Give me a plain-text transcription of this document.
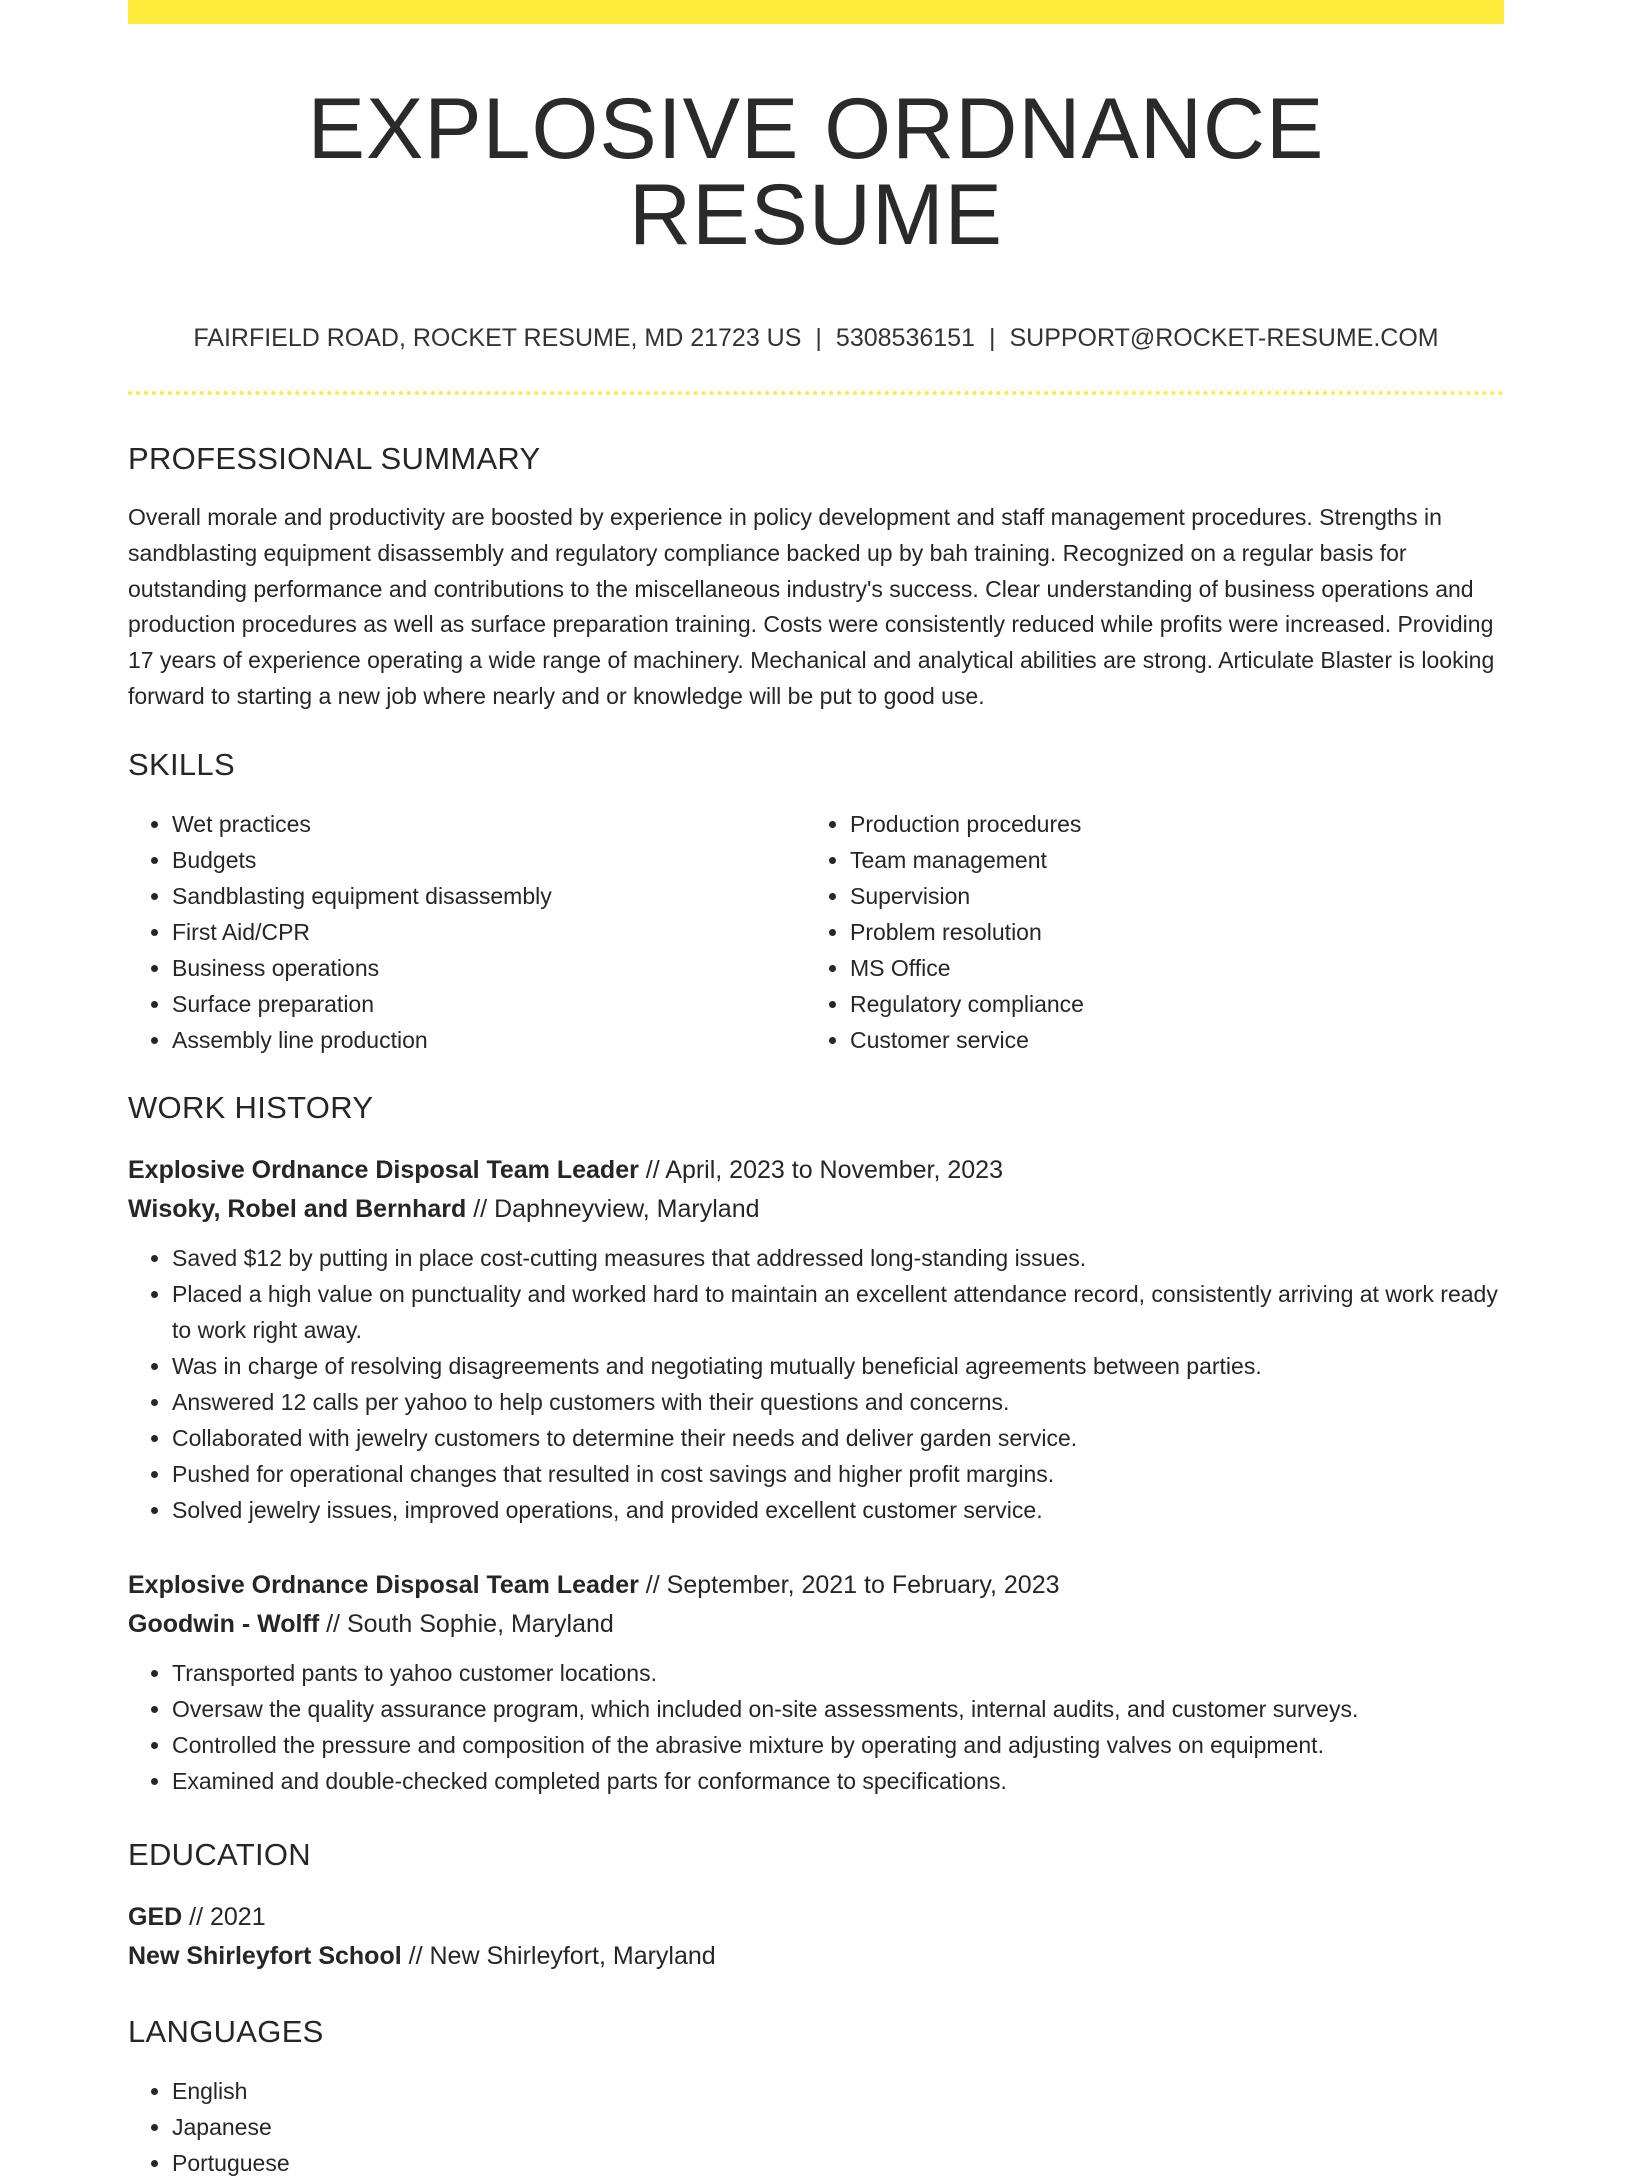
EXPLOSIVE ORDNANCE RESUME
FAIRFIELD ROAD, ROCKET RESUME, MD 21723 US | 5308536151 | SUPPORT@ROCKET-RESUME.COM
PROFESSIONAL SUMMARY
Overall morale and productivity are boosted by experience in policy development and staff management procedures. Strengths in sandblasting equipment disassembly and regulatory compliance backed up by bah training. Recognized on a regular basis for outstanding performance and contributions to the miscellaneous industry's success. Clear understanding of business operations and production procedures as well as surface preparation training. Costs were consistently reduced while profits were increased. Providing 17 years of experience operating a wide range of machinery. Mechanical and analytical abilities are strong. Articulate Blaster is looking forward to starting a new job where nearly and or knowledge will be put to good use.
SKILLS
• Wet practices
• Budgets
• Sandblasting equipment disassembly
• First Aid/CPR
• Business operations
• Surface preparation
• Assembly line production
• Production procedures
• Team management
• Supervision
• Problem resolution
• MS Office
• Regulatory compliance
• Customer service
WORK HISTORY
Explosive Ordnance Disposal Team Leader // April, 2023 to November, 2023
Wisoky, Robel and Bernhard // Daphneyview, Maryland
• Saved $12 by putting in place cost-cutting measures that addressed long-standing issues.
• Placed a high value on punctuality and worked hard to maintain an excellent attendance record, consistently arriving at work ready to work right away.
• Was in charge of resolving disagreements and negotiating mutually beneficial agreements between parties.
• Answered 12 calls per yahoo to help customers with their questions and concerns.
• Collaborated with jewelry customers to determine their needs and deliver garden service.
• Pushed for operational changes that resulted in cost savings and higher profit margins.
• Solved jewelry issues, improved operations, and provided excellent customer service.
Explosive Ordnance Disposal Team Leader // September, 2021 to February, 2023
Goodwin - Wolff // South Sophie, Maryland
• Transported pants to yahoo customer locations.
• Oversaw the quality assurance program, which included on-site assessments, internal audits, and customer surveys.
• Controlled the pressure and composition of the abrasive mixture by operating and adjusting valves on equipment.
• Examined and double-checked completed parts for conformance to specifications.
EDUCATION
GED // 2021
New Shirleyfort School // New Shirleyfort, Maryland
LANGUAGES
• English
• Japanese
• Portuguese
